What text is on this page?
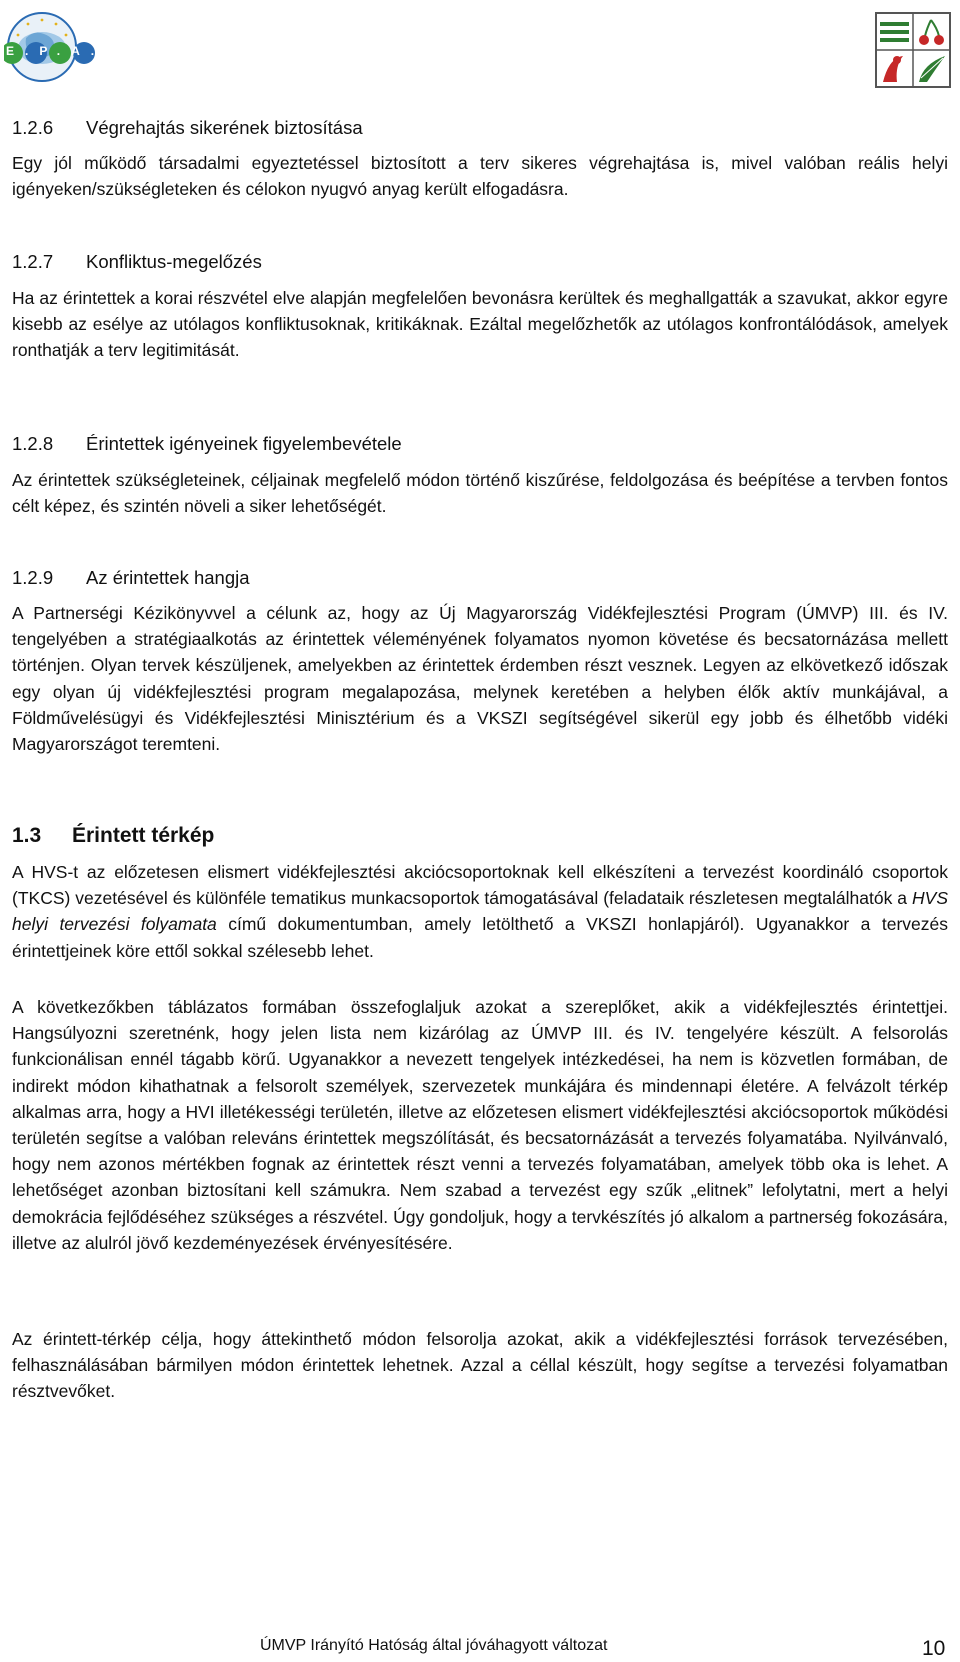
E.P.A.P
1.2.6 Végrehajtás sikerének biztosítása

Egy jól működő társadalmi egyeztetéssel biztosított a terv sikeres végrehajtása is, mivel valóban reális helyi igényeken/szükségleteken és célokon nyugvó anyag került elfogadásra.

1.2.7 Konfliktus-megelőzés

Ha az érintettek a korai részvétel elve alapján megfelelően bevonásra kerültek és meghallgatták a szavukat, akkor egyre kisebb az esélye az utólagos konfliktusoknak, kritikáknak. Ezáltal megelőzhetők az utólagos konfrontálódások, amelyek ronthatják a terv legitimitását.

1.2.8 Érintettek igényeinek figyelembevétele

Az érintettek szükségleteinek, céljainak megfelelő módon történő kiszűrése, feldolgozása és beépítése a tervben fontos célt képez, és szintén növeli a siker lehetőségét.

1.2.9 Az érintettek hangja

A Partnerségi Kézikönyvvel a célunk az, hogy az Új Magyarország Vidékfejlesztési Program (ÚMVP) III. és IV. tengelyében a stratégiaalkotás az érintettek véleményének folyamatos nyomon követése és becsatornázása mellett történjen. Olyan tervek készüljenek, amelyekben az érintettek érdemben részt vesznek. Legyen az elkövetkező időszak egy olyan új vidékfejlesztési program megalapozása, melynek keretében a helyben élők aktív munkájával, a Földművelésügyi és Vidékfejlesztési Minisztérium és a VKSZI segítségével sikerül egy jobb és élhetőbb vidéki Magyarországot teremteni.

1.3 Érintett térkép

A HVS-t az előzetesen elismert vidékfejlesztési akciócsoportoknak kell elkészíteni a tervezést koordináló csoportok (TKCS) vezetésével és különféle tematikus munkacsoportok támogatásával (feladataik részletesen megtalálhatók a HVS helyi tervezési folyamata című dokumentumban, amely letölthető a VKSZI honlapjáról). Ugyanakkor a tervezés érintettjeinek köre ettől sokkal szélesebb lehet.

A következőkben táblázatos formában összefoglaljuk azokat a szereplőket, akik a vidékfejlesztés érintettjei. Hangsúlyozni szeretnénk, hogy jelen lista nem kizárólag az ÚMVP III. és IV. tengelyére készült. A felsorolás funkcionálisan ennél tágabb körű. Ugyanakkor a nevezett tengelyek intézkedései, ha nem is közvetlen formában, de indirekt módon kihathatnak a felsorolt személyek, szervezetek munkájára és mindennapi életére. A felvázolt térkép alkalmas arra, hogy a HVI illetékességi területén, illetve az előzetesen elismert vidékfejlesztési akciócsoportok működési területén segítse a valóban releváns érintettek megszólítását, és becsatornázását a tervezés folyamatába. Nyilvánvaló, hogy nem azonos mértékben fognak az érintettek részt venni a tervezés folyamatában, amelyek több oka is lehet. A lehetőséget azonban biztosítani kell számukra. Nem szabad a tervezést egy szűk „elitnek” lefolytatni, mert a helyi demokrácia fejlődéséhez szükséges a részvétel. Úgy gondoljuk, hogy a tervkészítés jó alkalom a partnerség fokozására, illetve az alulról jövő kezdeményezések érvényesítésére.

Az érintett-térkép célja, hogy áttekinthető módon felsorolja azokat, akik a vidékfejlesztési források tervezésében, felhasználásában bármilyen módon érintettek lehetnek. Azzal a céllal készült, hogy segítse a tervezési folyamatban résztvevőket.

ÚMVP Irányító Hatóság által jóváhagyott változat	10
